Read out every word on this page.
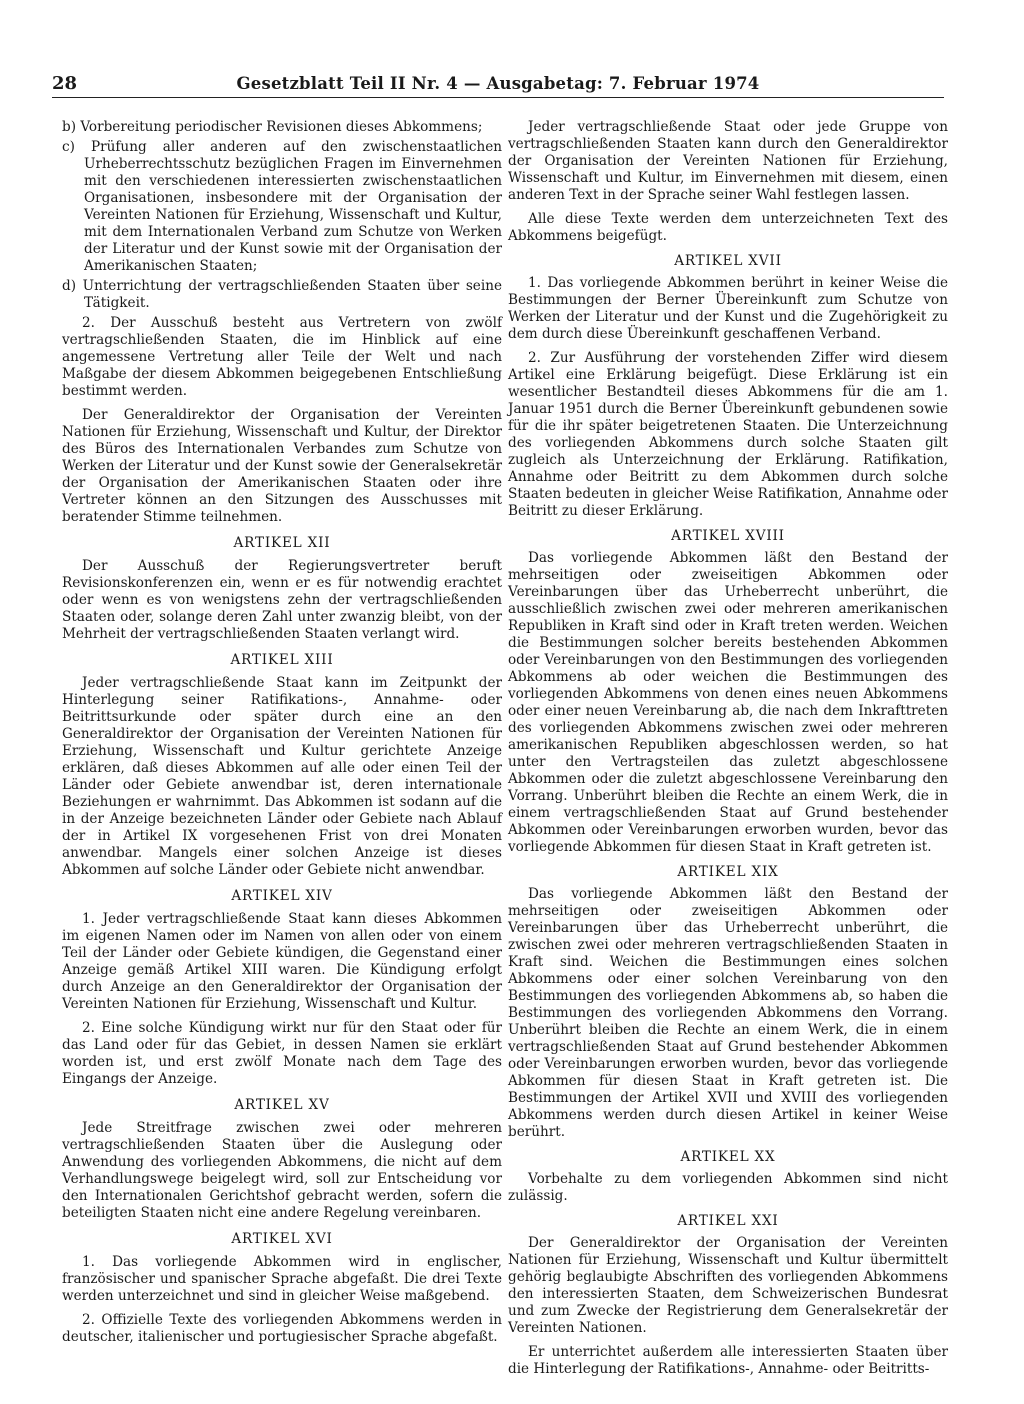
28	Gesetzblatt Teil II Nr. 4 — Ausgabetag: 7. Februar 1974

b) Vorbereitung periodischer Revisionen dieses Abkommens;

c) Prüfung aller anderen auf den zwischenstaatlichen Urheberrechtsschutz bezüglichen Fragen im Einvernehmen mit den verschiedenen interessierten zwischenstaatlichen Organisationen, insbesondere mit der Organisation der Vereinten Nationen für Erziehung, Wissenschaft und Kultur, mit dem Internationalen Verband zum Schutze von Werken der Literatur und der Kunst sowie mit der Organisation der Amerikanischen Staaten;

d) Unterrichtung der vertragschließenden Staaten über seine Tätigkeit.

2. Der Ausschuß besteht aus Vertretern von zwölf vertragschließenden Staaten, die im Hinblick auf eine angemessene Vertretung aller Teile der Welt und nach Maßgabe der diesem Abkommen beigegebenen Entschließung bestimmt werden.

Der Generaldirektor der Organisation der Vereinten Nationen für Erziehung, Wissenschaft und Kultur, der Direktor des Büros des Internationalen Verbandes zum Schutze von Werken der Literatur und der Kunst sowie der Generalsekretär der Organisation der Amerikanischen Staaten oder ihre Vertreter können an den Sitzungen des Ausschusses mit beratender Stimme teilnehmen.

ARTIKEL XII

Der Ausschuß der Regierungsvertreter beruft Revisionskonferenzen ein, wenn er es für notwendig erachtet oder wenn es von wenigstens zehn der vertragschließenden Staaten oder, solange deren Zahl unter zwanzig bleibt, von der Mehrheit der vertragschließenden Staaten verlangt wird.

ARTIKEL XIII

Jeder vertragschließende Staat kann im Zeitpunkt der Hinterlegung seiner Ratifikations-, Annahme- oder Beitrittsurkunde oder später durch eine an den Generaldirektor der Organisation der Vereinten Nationen für Erziehung, Wissenschaft und Kultur gerichtete Anzeige erklären, daß dieses Abkommen auf alle oder einen Teil der Länder oder Gebiete anwendbar ist, deren internationale Beziehungen er wahrnimmt. Das Abkommen ist sodann auf die in der Anzeige bezeichneten Länder oder Gebiete nach Ablauf der in Artikel IX vorgesehenen Frist von drei Monaten anwendbar. Mangels einer solchen Anzeige ist dieses Abkommen auf solche Länder oder Gebiete nicht anwendbar.

ARTIKEL XIV

1. Jeder vertragschließende Staat kann dieses Abkommen im eigenen Namen oder im Namen von allen oder von einem Teil der Länder oder Gebiete kündigen, die Gegenstand einer Anzeige gemäß Artikel XIII waren. Die Kündigung erfolgt durch Anzeige an den Generaldirektor der Organisation der Vereinten Nationen für Erziehung, Wissenschaft und Kultur.

2. Eine solche Kündigung wirkt nur für den Staat oder für das Land oder für das Gebiet, in dessen Namen sie erklärt worden ist, und erst zwölf Monate nach dem Tage des Eingangs der Anzeige.

ARTIKEL XV

Jede Streitfrage zwischen zwei oder mehreren vertragschließenden Staaten über die Auslegung oder Anwendung des vorliegenden Abkommens, die nicht auf dem Verhandlungswege beigelegt wird, soll zur Entscheidung vor den Internationalen Gerichtshof gebracht werden, sofern die beteiligten Staaten nicht eine andere Regelung vereinbaren.

ARTIKEL XVI

1. Das vorliegende Abkommen wird in englischer, französischer und spanischer Sprache abgefaßt. Die drei Texte werden unterzeichnet und sind in gleicher Weise maßgebend.

2. Offizielle Texte des vorliegenden Abkommens werden in deutscher, italienischer und portugiesischer Sprache abgefaßt.

Jeder vertragschließende Staat oder jede Gruppe von vertragschließenden Staaten kann durch den Generaldirektor der Organisation der Vereinten Nationen für Erziehung, Wissenschaft und Kultur, im Einvernehmen mit diesem, einen anderen Text in der Sprache seiner Wahl festlegen lassen.

Alle diese Texte werden dem unterzeichneten Text des Abkommens beigefügt.

ARTIKEL XVII

1. Das vorliegende Abkommen berührt in keiner Weise die Bestimmungen der Berner Übereinkunft zum Schutze von Werken der Literatur und der Kunst und die Zugehörigkeit zu dem durch diese Übereinkunft geschaffenen Verband.

2. Zur Ausführung der vorstehenden Ziffer wird diesem Artikel eine Erklärung beigefügt. Diese Erklärung ist ein wesentlicher Bestandteil dieses Abkommens für die am 1. Januar 1951 durch die Berner Übereinkunft gebundenen sowie für die ihr später beigetretenen Staaten. Die Unterzeichnung des vorliegenden Abkommens durch solche Staaten gilt zugleich als Unterzeichnung der Erklärung. Ratifikation, Annahme oder Beitritt zu dem Abkommen durch solche Staaten bedeuten in gleicher Weise Ratifikation, Annahme oder Beitritt zu dieser Erklärung.

ARTIKEL XVIII

Das vorliegende Abkommen läßt den Bestand der mehrseitigen oder zweiseitigen Abkommen oder Vereinbarungen über das Urheberrecht unberührt, die ausschließlich zwischen zwei oder mehreren amerikanischen Republiken in Kraft sind oder in Kraft treten werden. Weichen die Bestimmungen solcher bereits bestehenden Abkommen oder Vereinbarungen von den Bestimmungen des vorliegenden Abkommens ab oder weichen die Bestimmungen des vorliegenden Abkommens von denen eines neuen Abkommens oder einer neuen Vereinbarung ab, die nach dem Inkrafttreten des vorliegenden Abkommens zwischen zwei oder mehreren amerikanischen Republiken abgeschlossen werden, so hat unter den Vertragsteilen das zuletzt abgeschlossene Abkommen oder die zuletzt abgeschlossene Vereinbarung den Vorrang. Unberührt bleiben die Rechte an einem Werk, die in einem vertragschließenden Staat auf Grund bestehender Abkommen oder Vereinbarungen erworben wurden, bevor das vorliegende Abkommen für diesen Staat in Kraft getreten ist.

ARTIKEL XIX

Das vorliegende Abkommen läßt den Bestand der mehrseitigen oder zweiseitigen Abkommen oder Vereinbarungen über das Urheberrecht unberührt, die zwischen zwei oder mehreren vertragschließenden Staaten in Kraft sind. Weichen die Bestimmungen eines solchen Abkommens oder einer solchen Vereinbarung von den Bestimmungen des vorliegenden Abkommens ab, so haben die Bestimmungen des vorliegenden Abkommens den Vorrang. Unberührt bleiben die Rechte an einem Werk, die in einem vertragschließenden Staat auf Grund bestehender Abkommen oder Vereinbarungen erworben wurden, bevor das vorliegende Abkommen für diesen Staat in Kraft getreten ist. Die Bestimmungen der Artikel XVII und XVIII des vorliegenden Abkommens werden durch diesen Artikel in keiner Weise berührt.

ARTIKEL XX

Vorbehalte zu dem vorliegenden Abkommen sind nicht zulässig.

ARTIKEL XXI

Der Generaldirektor der Organisation der Vereinten Nationen für Erziehung, Wissenschaft und Kultur übermittelt gehörig beglaubigte Abschriften des vorliegenden Abkommens den interessierten Staaten, dem Schweizerischen Bundesrat und zum Zwecke der Registrierung dem Generalsekretär der Vereinten Nationen.

Er unterrichtet außerdem alle interessierten Staaten über die Hinterlegung der Ratifikations-, Annahme- oder Beitritts-
